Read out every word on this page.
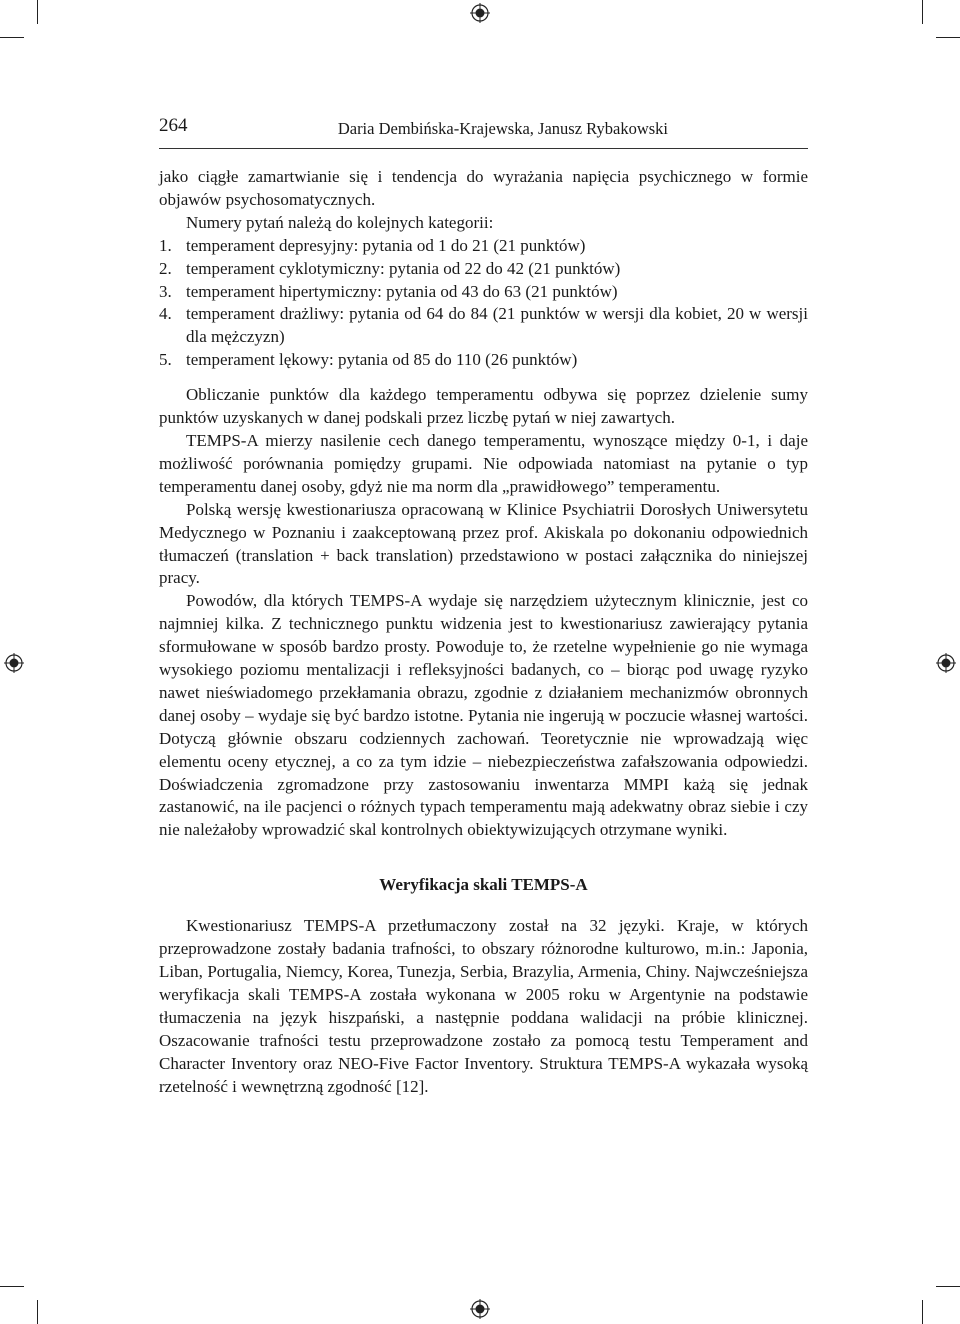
264	Daria Dembińska-Krajewska, Janusz Rybakowski

jako ciągłe zamartwianie się i tendencja do wyrażania napięcia psychicznego w formie objawów psychosomatycznych.

Numery pytań należą do kolejnych kategorii:

1. temperament depresyjny: pytania od 1 do 21 (21 punktów)
2. temperament cyklotymiczny: pytania od 22 do 42 (21 punktów)
3. temperament hipertymiczny: pytania od 43 do 63 (21 punktów)
4. temperament drażliwy: pytania od 64 do 84 (21 punktów w wersji dla kobiet, 20 w wersji dla mężczyzn)
5. temperament lękowy: pytania od 85 do 110 (26 punktów)

Obliczanie punktów dla każdego temperamentu odbywa się poprzez dzielenie sumy punktów uzyskanych w danej podskali przez liczbę pytań w niej zawartych.

TEMPS-A mierzy nasilenie cech danego temperamentu, wynoszące między 0-1, i daje możliwość porównania pomiędzy grupami. Nie odpowiada natomiast na pytanie o typ temperamentu danej osoby, gdyż nie ma norm dla „prawidłowego” temperamentu.

Polską wersję kwestionariusza opracowaną w Klinice Psychiatrii Dorosłych Uniwersytetu Medycznego w Poznaniu i zaakceptowaną przez prof. Akiskala po dokonaniu odpowiednich tłumaczeń (translation + back translation) przedstawiono w postaci załącznika do niniejszej pracy.

Powodów, dla których TEMPS-A wydaje się narzędziem użytecznym klinicznie, jest co najmniej kilka. Z technicznego punktu widzenia jest to kwestionariusz zawierający pytania sformułowane w sposób bardzo prosty. Powoduje to, że rzetelne wypełnienie go nie wymaga wysokiego poziomu mentalizacji i refleksyjności badanych, co – biorąc pod uwagę ryzyko nawet nieświadomego przekłamania obrazu, zgodnie z działaniem mechanizmów obronnych danej osoby – wydaje się być bardzo istotne. Pytania nie ingerują w poczucie własnej wartości. Dotyczą głównie obszaru codziennych zachowań. Teoretycznie nie wprowadzają więc elementu oceny etycznej, a co za tym idzie – niebezpieczeństwa zafałszowania odpowiedzi. Doświadczenia zgromadzone przy zastosowaniu inwentarza MMPI każą się jednak zastanowić, na ile pacjenci o różnych typach temperamentu mają adekwatny obraz siebie i czy nie należałoby wprowadzić skal kontrolnych obiektywizujących otrzymane wyniki.

Weryfikacja skali TEMPS-A

Kwestionariusz TEMPS-A przetłumaczony został na 32 języki. Kraje, w których przeprowadzone zostały badania trafności, to obszary różnorodne kulturowo, m.in.: Japonia, Liban, Portugalia, Niemcy, Korea, Tunezja, Serbia, Brazylia, Armenia, Chiny. Najwcześniejsza weryfikacja skali TEMPS-A została wykonana w 2005 roku w Argentynie na podstawie tłumaczenia na język hiszpański, a następnie poddana walidacji na próbie klinicznej. Oszacowanie trafności testu przeprowadzone zostało za pomocą testu Temperament and Character Inventory oraz NEO-Five Factor Inventory. Struktura TEMPS-A wykazała wysoką rzetelność i wewnętrzną zgodność [12].
